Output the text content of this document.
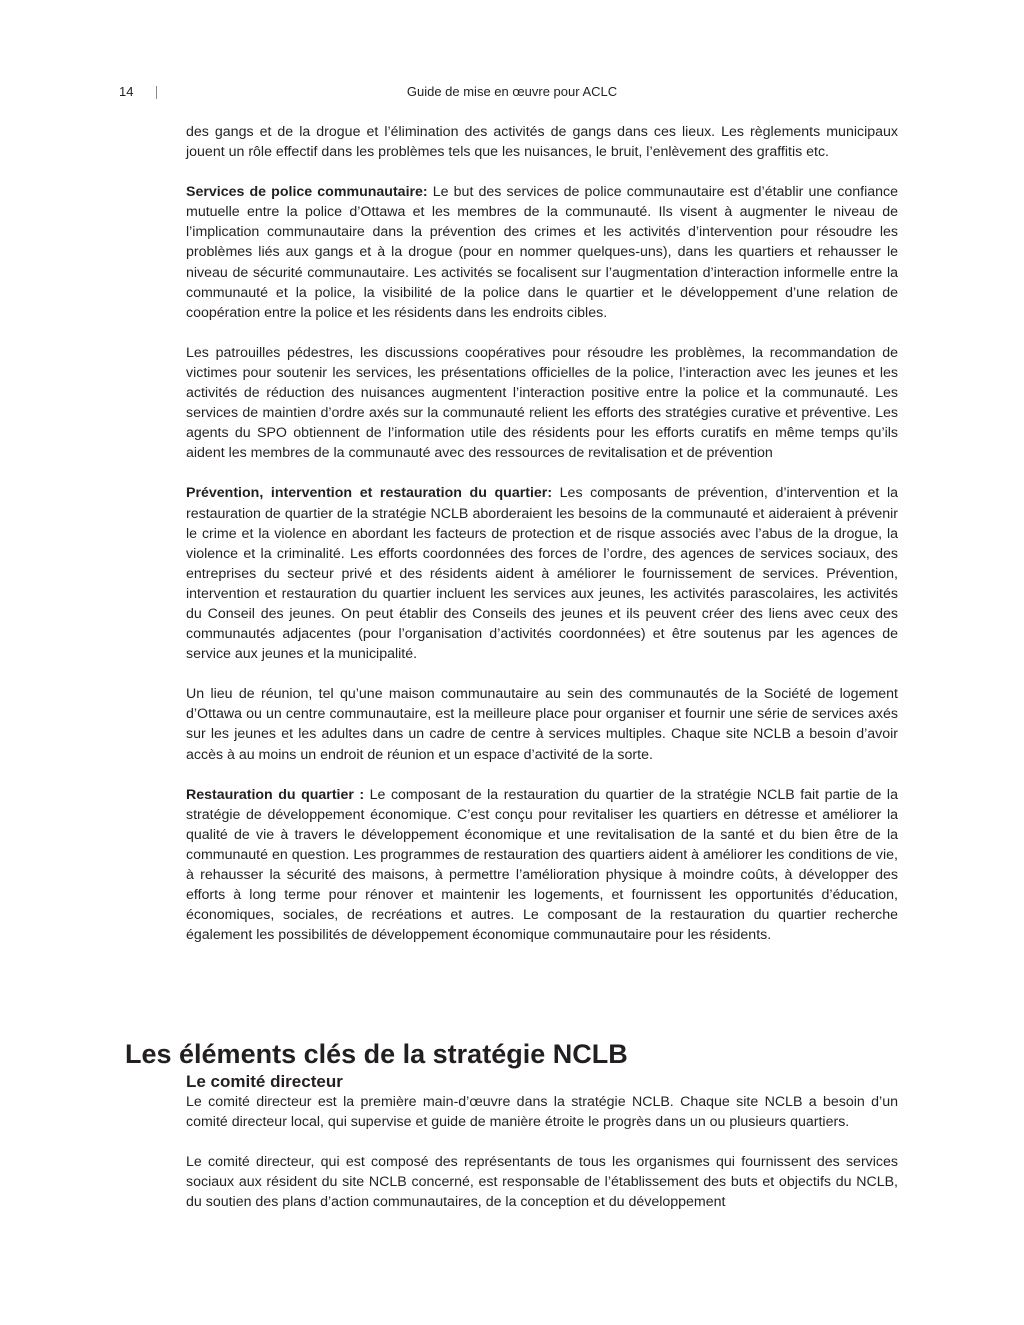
14	Guide de mise en œuvre pour ACLC

des gangs et de la drogue et l’élimination des activités de gangs dans ces lieux. Les règlements municipaux jouent un rôle effectif dans les problèmes tels que les nuisances, le bruit, l’enlèvement des graffitis etc.

Services de police communautaire: Le but des services de police communautaire est d’établir une confiance mutuelle entre la police d’Ottawa et les membres de la communauté. Ils visent à augmenter le niveau de l’implication communautaire dans la prévention des crimes et les activités d’intervention pour résoudre les problèmes liés aux gangs et à la drogue (pour en nommer quelques-uns), dans les quartiers et rehausser le niveau de sécurité communautaire. Les activités se focalisent sur l’augmentation d’interaction informelle entre la communauté et la police, la visibilité de la police dans le quartier et le développement d’une relation de coopération entre la police et les résidents dans les endroits cibles.

Les patrouilles pédestres, les discussions coopératives pour résoudre les problèmes, la recommandation de victimes pour soutenir les services, les présentations officielles de la police, l’interaction avec les jeunes et les activités de réduction des nuisances augmentent l’interaction positive entre la police et la communauté. Les services de maintien d’ordre axés sur la communauté relient les efforts des stratégies curative et préventive. Les agents du SPO obtiennent de l’information utile des résidents pour les efforts curatifs en même temps qu’ils aident les membres de la communauté avec des ressources de revitalisation et de prévention

Prévention, intervention et restauration du quartier: Les composants de prévention, d’intervention et la restauration de quartier de la stratégie NCLB aborderaient les besoins de la communauté et aideraient à prévenir le crime et la violence en abordant les facteurs de protection et de risque associés avec l’abus de la drogue, la violence et la criminalité. Les efforts coordonnées des forces de l’ordre, des agences de services sociaux, des entreprises du secteur privé et des résidents aident à améliorer le fournissement de services. Prévention, intervention et restauration du quartier incluent les services aux jeunes, les activités parascolaires, les activités du Conseil des jeunes. On peut établir des Conseils des jeunes et ils peuvent créer des liens avec ceux des communautés adjacentes (pour l’organisation d’activités coordonnées) et être soutenus par les agences de service aux jeunes et la municipalité.

Un lieu de réunion, tel qu’une maison communautaire au sein des communautés de la Société de logement d’Ottawa ou un centre communautaire, est la meilleure place pour organiser et fournir une série de services axés sur les jeunes et les adultes dans un cadre de centre à services multiples. Chaque site NCLB a besoin d’avoir accès à au moins un endroit de réunion et un espace d’activité de la sorte.

Restauration du quartier : Le composant de la restauration du quartier de la stratégie NCLB fait partie de la stratégie de développement économique. C’est conçu pour revitaliser les quartiers en détresse et améliorer la qualité de vie à travers le développement économique et une revitalisation de la santé et du bien être de la communauté en question. Les programmes de restauration des quartiers aident à améliorer les conditions de vie, à rehausser la sécurité des maisons, à permettre l’amélioration physique à moindre coûts, à développer des efforts à long terme pour rénover et maintenir les logements, et fournissent les opportunités d’éducation, économiques, sociales, de recréations et autres. Le composant de la restauration du quartier recherche également les possibilités de développement économique communautaire pour les résidents.

Les éléments clés de la stratégie NCLB
Le comité directeur

Le comité directeur est la première main-d’œuvre dans la stratégie NCLB. Chaque site NCLB a besoin d’un comité directeur local, qui supervise et guide de manière étroite le progrès dans un ou plusieurs quartiers.

Le comité directeur, qui est composé des représentants de tous les organismes qui fournissent des services sociaux aux résident du site NCLB concerné, est responsable de l’établissement des buts et objectifs du NCLB, du soutien des plans d’action communautaires, de la conception et du développement
